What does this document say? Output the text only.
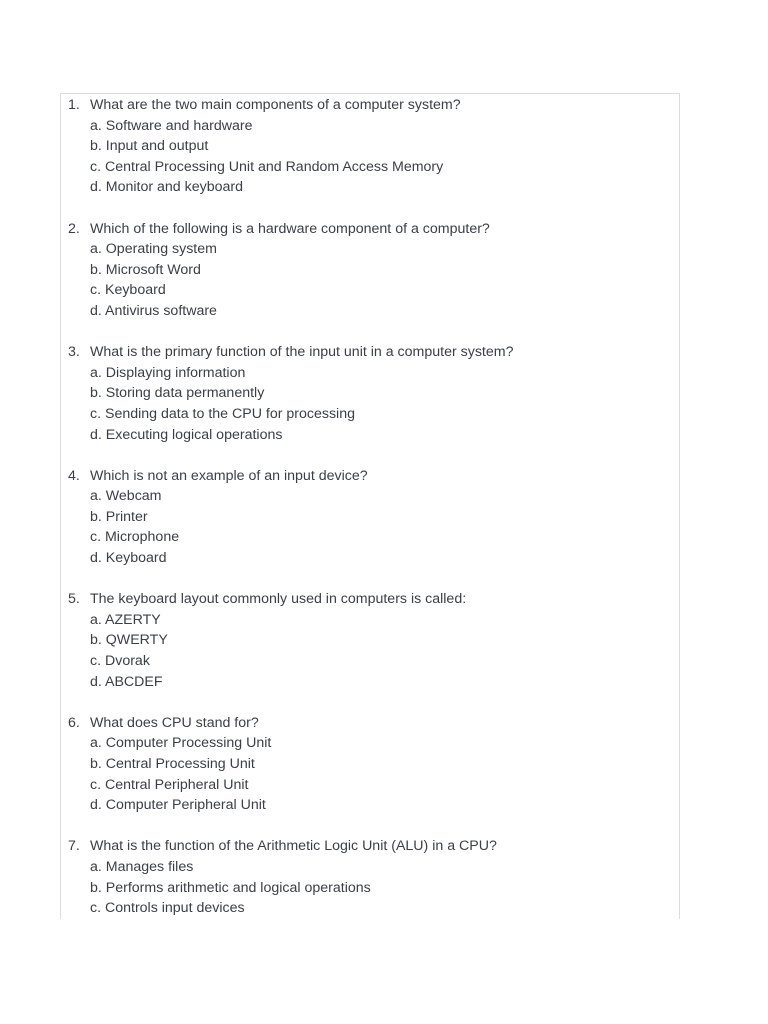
1. What are the two main components of a computer system?
a. Software and hardware
b. Input and output
c. Central Processing Unit and Random Access Memory
d. Monitor and keyboard
2. Which of the following is a hardware component of a computer?
a. Operating system
b. Microsoft Word
c. Keyboard
d. Antivirus software
3. What is the primary function of the input unit in a computer system?
a. Displaying information
b. Storing data permanently
c. Sending data to the CPU for processing
d. Executing logical operations
4. Which is not an example of an input device?
a. Webcam
b. Printer
c. Microphone
d. Keyboard
5. The keyboard layout commonly used in computers is called:
a. AZERTY
b. QWERTY
c. Dvorak
d. ABCDEF
6. What does CPU stand for?
a. Computer Processing Unit
b. Central Processing Unit
c. Central Peripheral Unit
d. Computer Peripheral Unit
7. What is the function of the Arithmetic Logic Unit (ALU) in a CPU?
a. Manages files
b. Performs arithmetic and logical operations
c. Controls input devices
